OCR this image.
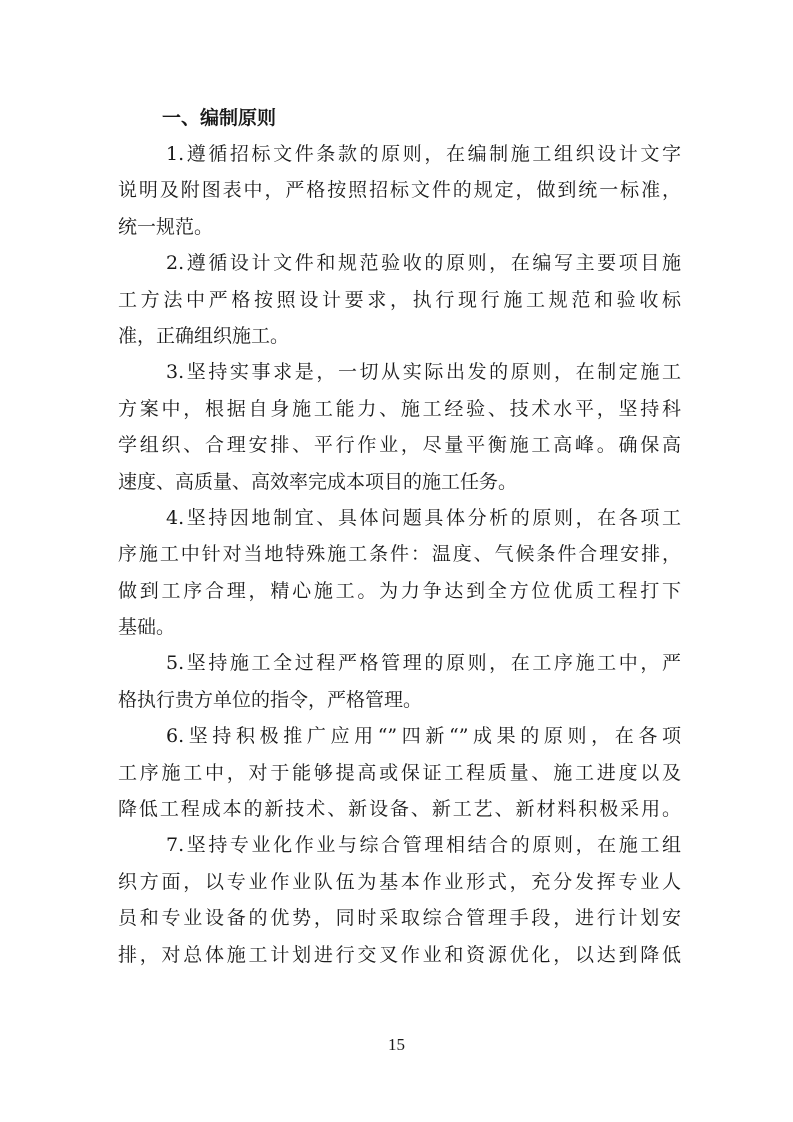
一、编制原则
1.遵循招标文件条款的原则，在编制施工组织设计文字
说明及附图表中，严格按照招标文件的规定，做到统一标准，
统一规范。
2.遵循设计文件和规范验收的原则，在编写主要项目施
工方法中严格按照设计要求，执行现行施工规范和验收标
准，正确组织施工。
3.坚持实事求是，一切从实际出发的原则，在制定施工
方案中，根据自身施工能力、施工经验、技术水平，坚持科
学组织、合理安排、平行作业，尽量平衡施工高峰。确保高
速度、高质量、高效率完成本项目的施工任务。
4.坚持因地制宜、具体问题具体分析的原则，在各项工
序施工中针对当地特殊施工条件：温度、气候条件合理安排，
做到工序合理，精心施工。为力争达到全方位优质工程打下
基础。
5.坚持施工全过程严格管理的原则，在工序施工中，严
格执行贵方单位的指令，严格管理。
6.坚持积极推广应用“”四新“”成果的原则，在各项
工序施工中，对于能够提高或保证工程质量、施工进度以及
降低工程成本的新技术、新设备、新工艺、新材料积极采用。
7.坚持专业化作业与综合管理相结合的原则，在施工组
织方面，以专业作业队伍为基本作业形式，充分发挥专业人
员和专业设备的优势，同时采取综合管理手段，进行计划安
排，对总体施工计划进行交叉作业和资源优化，以达到降低
15
